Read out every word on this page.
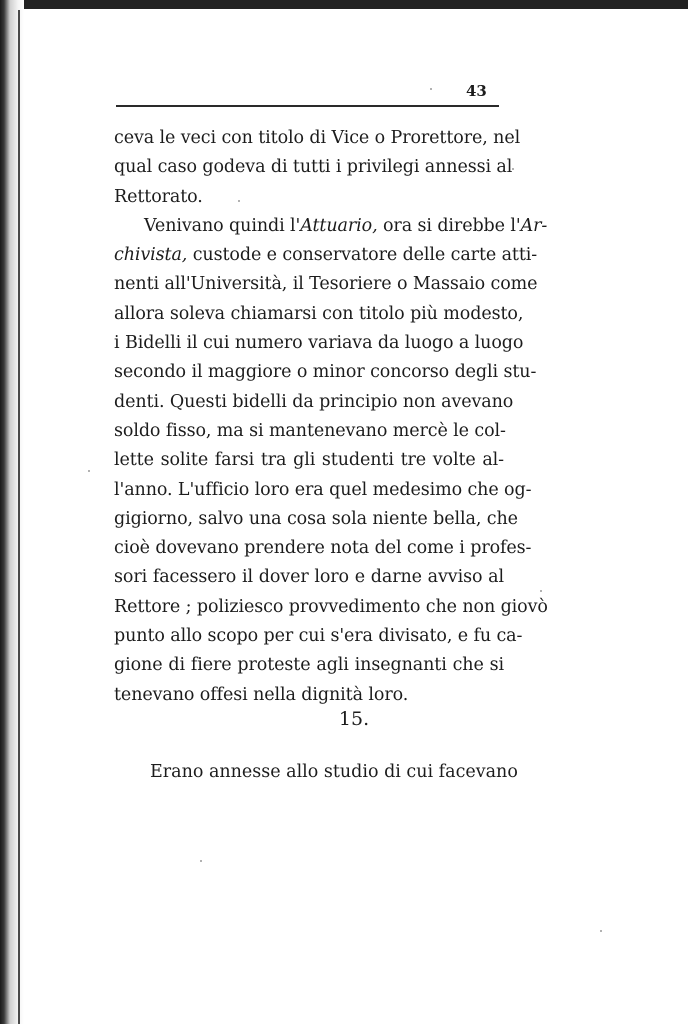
43
ceva le veci con titolo di Vice o Prorettore, nel
qual caso godeva di tutti i privilegi annessi al
Rettorato.
Venivano quindi l'Attuario, ora si direbbe l'Ar-
chivista, custode e conservatore delle carte atti-
nenti all'Università, il Tesoriere o Massaio come
allora soleva chiamarsi con titolo più modesto,
i Bidelli il cui numero variava da luogo a luogo
secondo il maggiore o minor concorso degli stu-
denti. Questi bidelli da principio non avevano
soldo fisso, ma si mantenevano mercè le col-
lette solite farsi tra gli studenti tre volte al-
l'anno. L'ufficio loro era quel medesimo che og-
gigiorno, salvo una cosa sola niente bella, che
cioè dovevano prendere nota del come i profes-
sori facessero il dover loro e darne avviso al
Rettore ; poliziesco provvedimento che non giovò
punto allo scopo per cui s'era divisato, e fu ca-
gione di fiere proteste agli insegnanti che si
tenevano offesi nella dignità loro.
15.
Erano annesse allo studio di cui facevano
